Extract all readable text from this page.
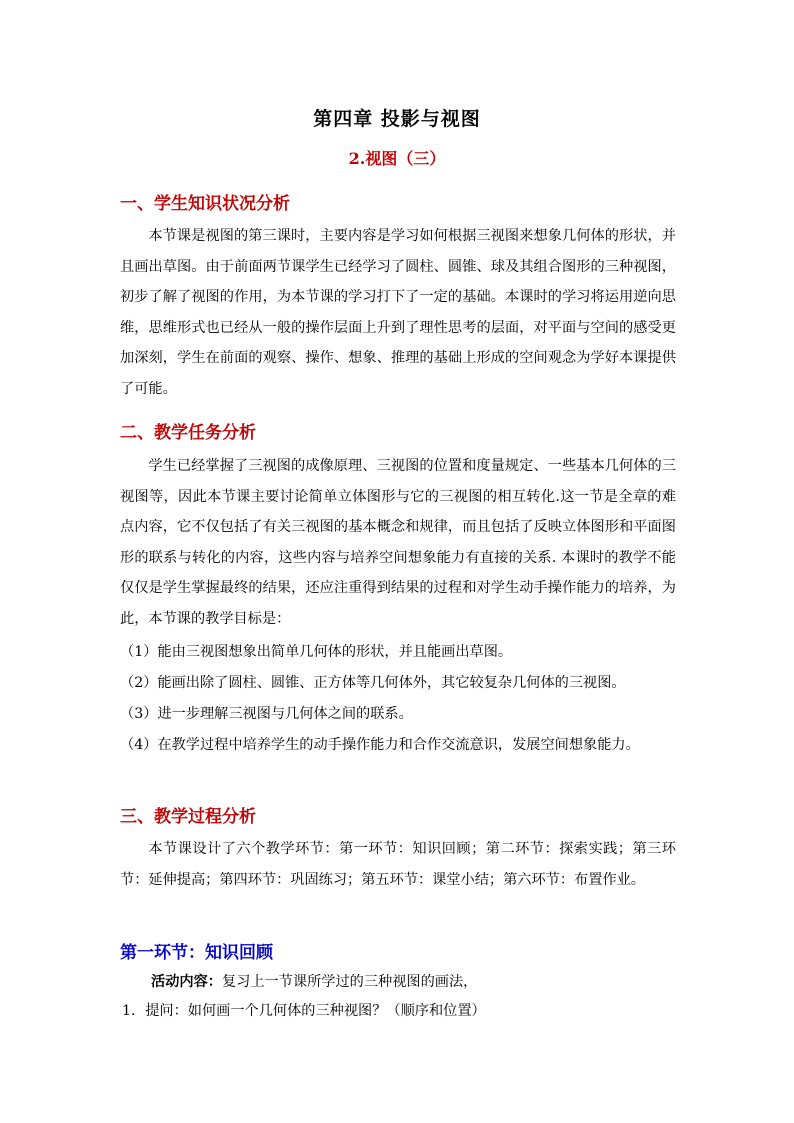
第四章 投影与视图
2.视图（三）
一、学生知识状况分析
本节课是视图的第三课时，主要内容是学习如何根据三视图来想象几何体的形状，并且画出草图。由于前面两节课学生已经学习了圆柱、圆锥、球及其组合图形的三种视图，初步了解了视图的作用，为本节课的学习打下了一定的基础。本课时的学习将运用逆向思维，思维形式也已经从一般的操作层面上升到了理性思考的层面，对平面与空间的感受更加深刻，学生在前面的观察、操作、想象、推理的基础上形成的空间观念为学好本课提供了可能。
二、教学任务分析
学生已经掌握了三视图的成像原理、三视图的位置和度量规定、一些基本几何体的三视图等，因此本节课主要讨论简单立体图形与它的三视图的相互转化.这一节是全章的难点内容，它不仅包括了有关三视图的基本概念和规律，而且包括了反映立体图形和平面图形的联系与转化的内容，这些内容与培养空间想象能力有直接的关系. 本课时的教学不能仅仅是学生掌握最终的结果，还应注重得到结果的过程和对学生动手操作能力的培养，为此，本节课的教学目标是：
（1）能由三视图想象出简单几何体的形状，并且能画出草图。
（2）能画出除了圆柱、圆锥、正方体等几何体外，其它较复杂几何体的三视图。
（3）进一步理解三视图与几何体之间的联系。
（4）在教学过程中培养学生的动手操作能力和合作交流意识，发展空间想象能力。
三、教学过程分析
本节课设计了六个教学环节：第一环节：知识回顾；第二环节：探索实践；第三环节：延伸提高；第四环节：巩固练习；第五环节：课堂小结；第六环节：布置作业。
第一环节：知识回顾
活动内容：复习上一节课所学过的三种视图的画法，
1．提问：如何画一个几何体的三种视图？（顺序和位置）
